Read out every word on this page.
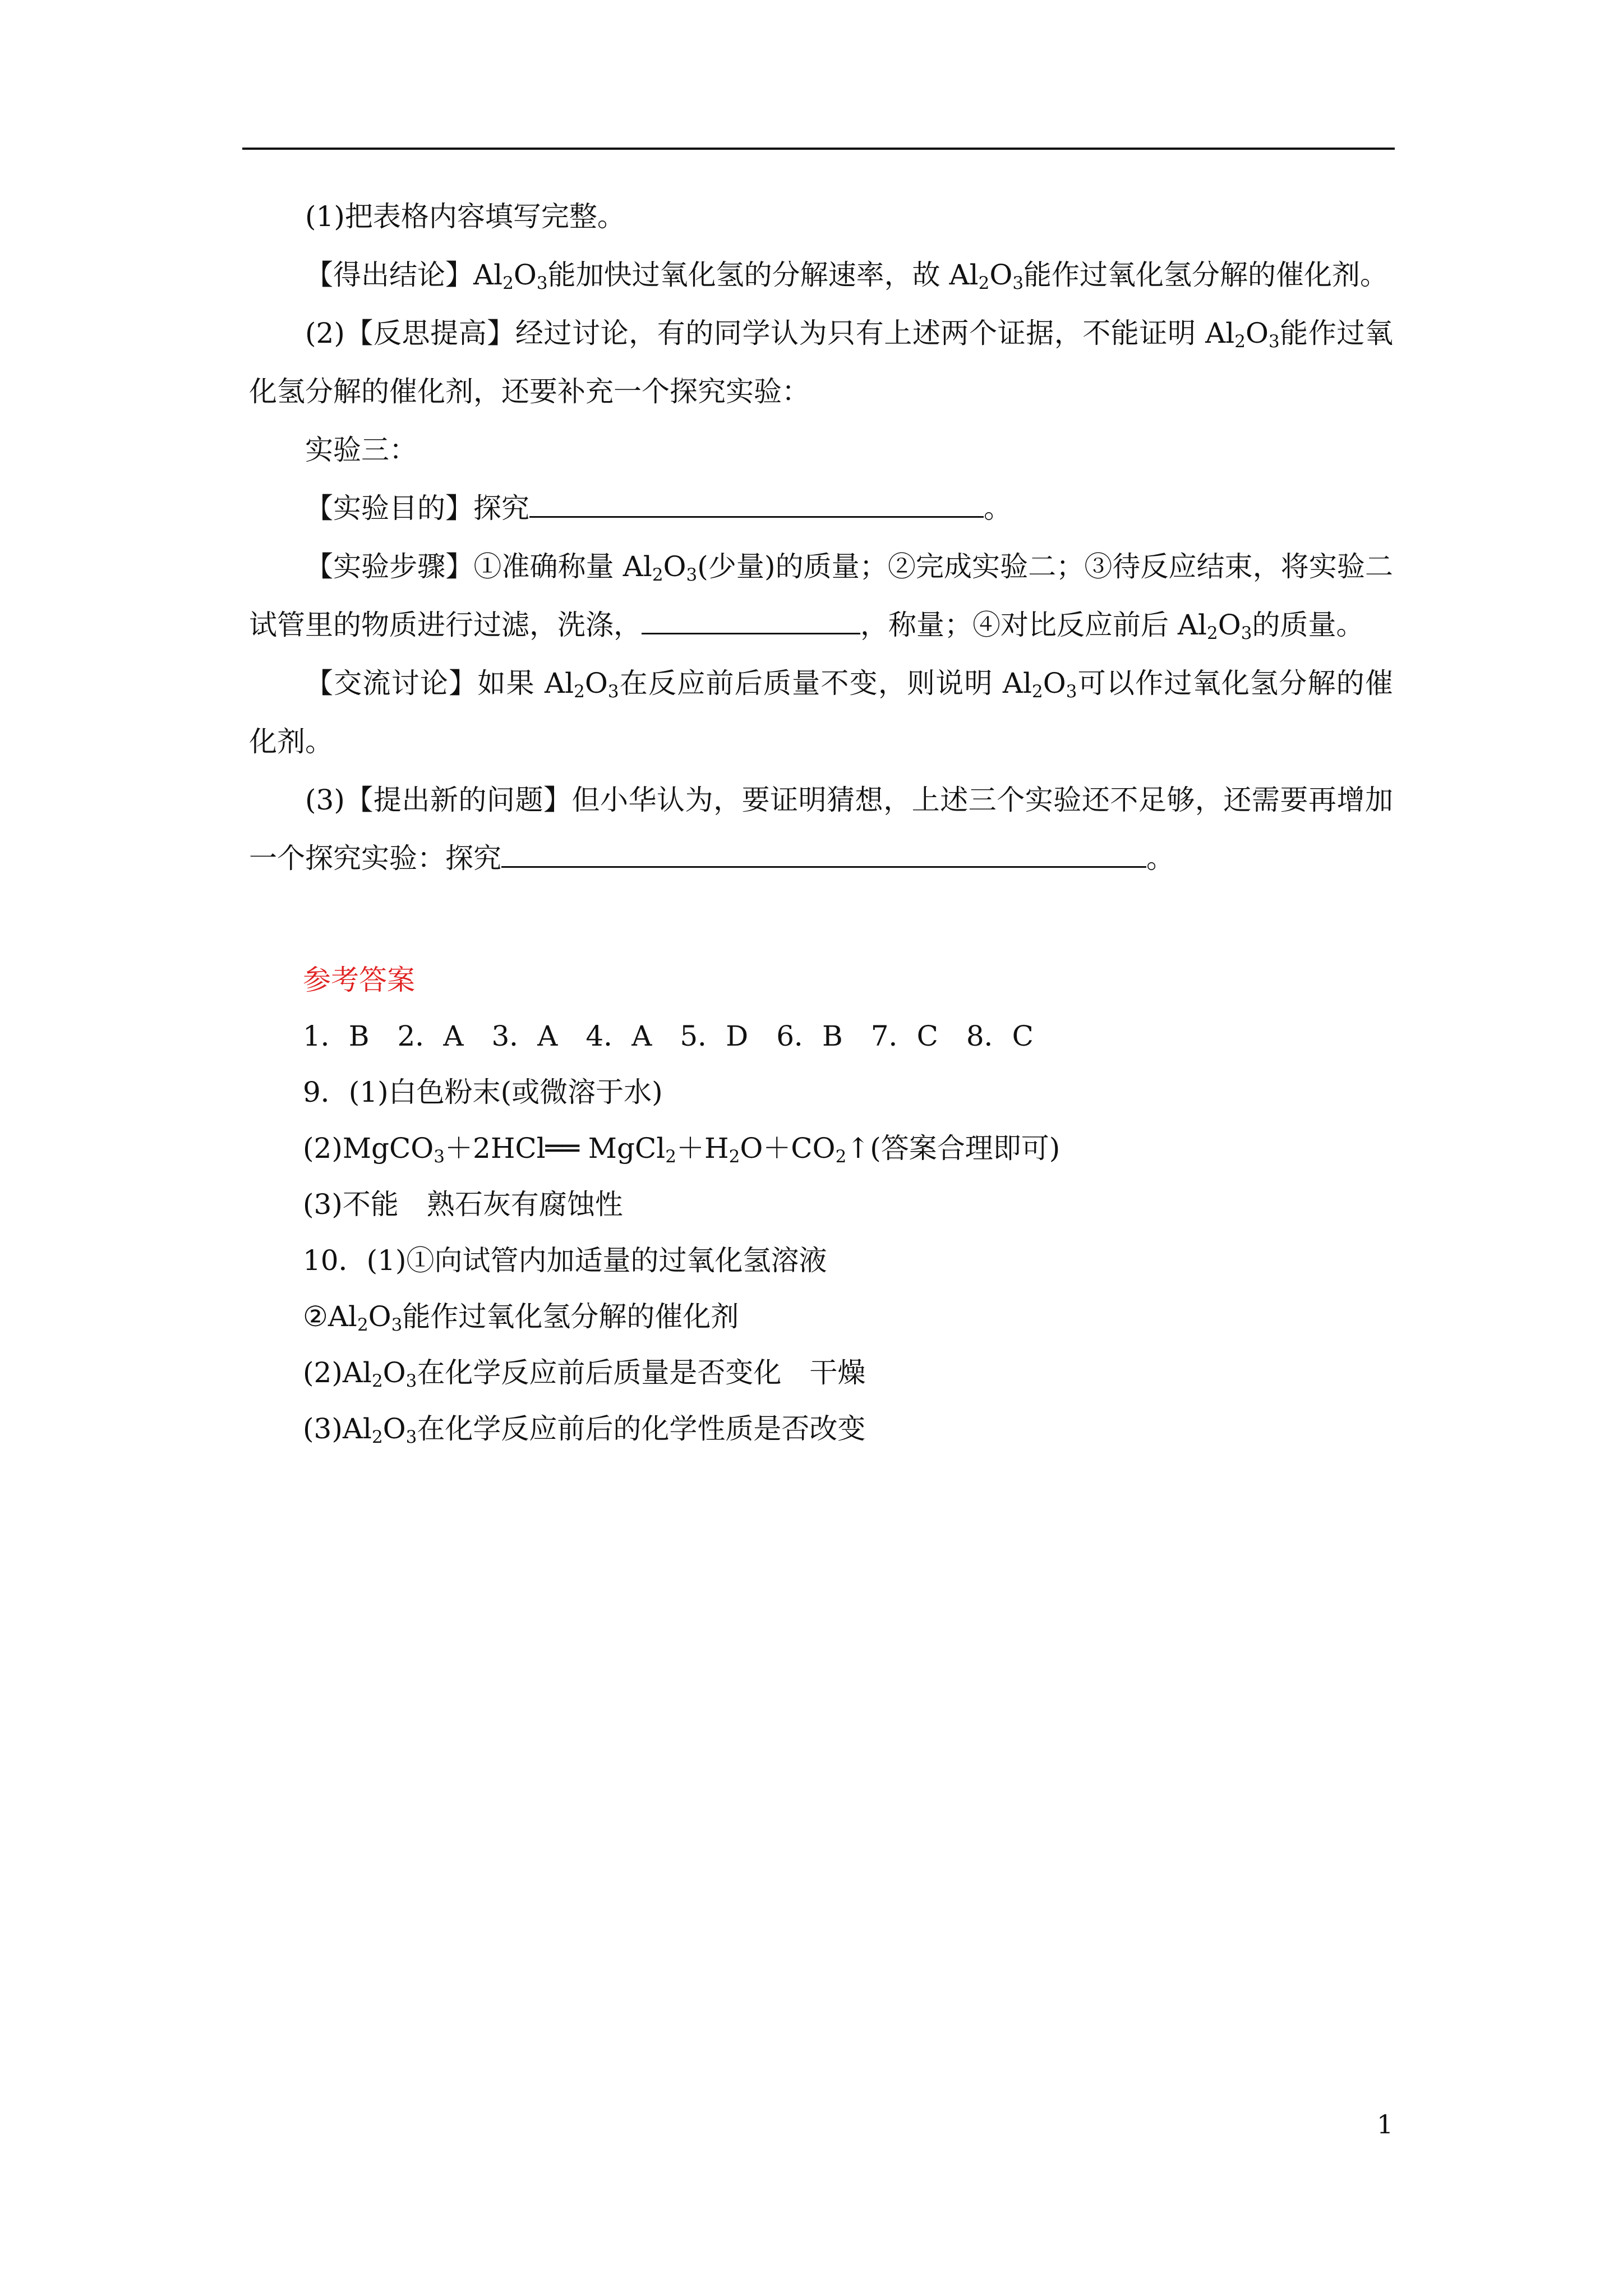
(1)把表格内容填写完整。

【得出结论】$Al_2O_3$能加快过氧化氢的分解速率，故 $Al_2O_3$能作过氧化氢分解的催化剂。

(2)【反思提高】经过讨论，有的同学认为只有上述两个证据，不能证明 $Al_2O_3$能作过氧化氢分解的催化剂，还要补充一个探究实验：

实验三：

【实验目的】探究	。

【实验步骤】①准确称量 $Al_2O_3$(少量)的质量；②完成实验二；③待反应结束，将实验二试管里的物质进行过滤，洗涤，	，称量；④对比反应前后 $Al_2O_3$的质量。

【交流讨论】如果 $Al_2O_3$在反应前后质量不变，则说明 $Al_2O_3$可以作过氧化氢分解的催化剂。

(3)【提出新的问题】但小华认为，要证明猜想，上述三个实验还不足够，还需要再增加一个探究实验：探究	。

参考答案
1．B　2．A　3．A　4．A　5．D　6．B　7．C　8．C
9．(1)白色粉末(或微溶于水)
(2)MgCO$_3$＋2HCl══ $MgCl_2+H_2O+CO_2↑$(答案合理即可)
(3)不能　熟石灰有腐蚀性
10．(1)①向试管内加适量的过氧化氢溶液
$②Al_2O_3$能作过氧化氢分解的催化剂
$(2)Al_2O_3$在化学反应前后质量是否变化　干燥
$(3)Al_2O_3$在化学反应前后的化学性质是否改变
1
